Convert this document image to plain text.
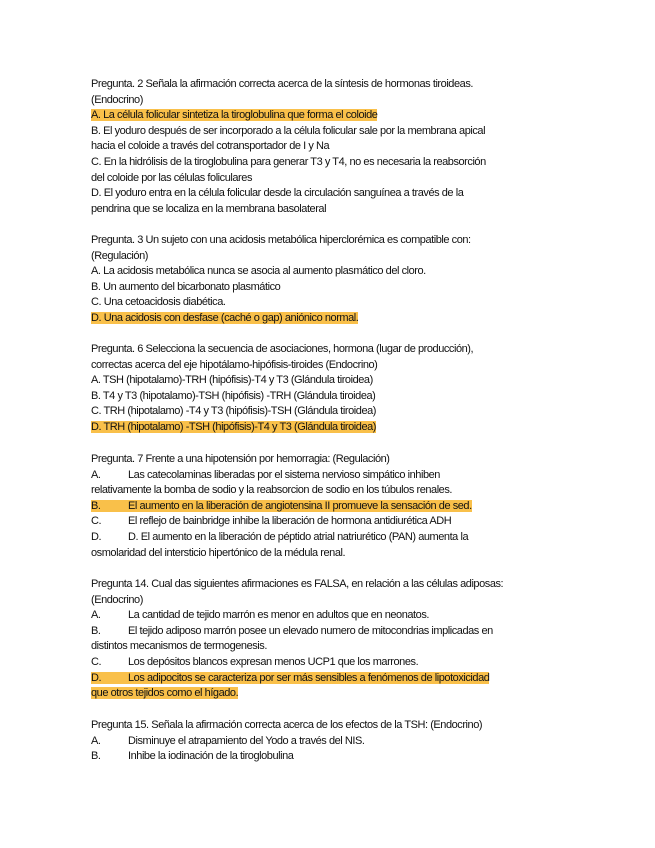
Pregunta. 2 Señala la afirmación correcta acerca de la síntesis de hormonas tiroideas.
(Endocrino)
A. La célula folicular sintetiza la tiroglobulina que forma el coloide
B. El yoduro después de ser incorporado a la célula folicular sale por la membrana apical
hacia el coloide a través del cotransportador de I y Na
C. En la hidrólisis de la tiroglobulina para generar T3 y T4, no es necesaria la reabsorción
del coloide por las células foliculares
D. El yoduro entra en la célula folicular desde la circulación sanguínea a través de la
pendrina que se localiza en la membrana basolateral
Pregunta. 3 Un sujeto con una acidosis metabólica hiperclorémica es compatible con:
(Regulación)
A. La acidosis metabólica nunca se asocia al aumento plasmático del cloro.
B. Un aumento del bicarbonato plasmático
C. Una cetoacidosis diabética.
D. Una acidosis con desfase (caché o gap) aniónico normal.
Pregunta. 6 Selecciona la secuencia de asociaciones, hormona (lugar de producción),
correctas acerca del eje hipotálamo-hipófisis-tiroides (Endocrino)
A. TSH (hipotalamo)-TRH (hipófisis)-T4 y T3 (Glándula tiroidea)
B. T4 y T3 (hipotalamo)-TSH (hipófisis) -TRH (Glándula tiroidea)
C. TRH (hipotalamo) -T4 y T3 (hipófisis)-TSH (Glándula tiroidea)
D. TRH (hipotalamo) -TSH (hipófisis)-T4 y T3 (Glándula tiroidea)
Pregunta. 7 Frente a una hipotensión por hemorragia: (Regulación)
A.	Las catecolaminas liberadas por el sistema nervioso simpático inhiben
relativamente la bomba de sodio y la reabsorcion de sodio en los túbulos renales.
B.	El aumento en la liberación de angiotensina II promueve la sensación de sed.
C. El reflejo de bainbridge inhibe la liberación de hormona antidiurética ADH
D. D. El aumento en la liberación de péptido atrial natriurético (PAN) aumenta la
osmolaridad del intersticio hipertónico de la médula renal.
Pregunta 14. Cual das siguientes afirmaciones es FALSA, en relación a las células adiposas:
(Endocrino)
A.	La cantidad de tejido marrón es menor en adultos que en neonatos.
B.	El tejido adiposo marrón posee un elevado numero de mitocondrias implicadas en
distintos mecanismos de termogenesis.
C. Los depósitos blancos expresan menos UCP1 que los marrones.
D. Los adipocitos se caracteriza por ser más sensibles a fenómenos de lipotoxicidad
que otros tejidos como el hígado.
Pregunta 15. Señala la afirmación correcta acerca de los efectos de la TSH: (Endocrino)
A.	Disminuye el atrapamiento del Yodo a través del NIS.
B.	Inhibe la iodinación de la tiroglobulina
